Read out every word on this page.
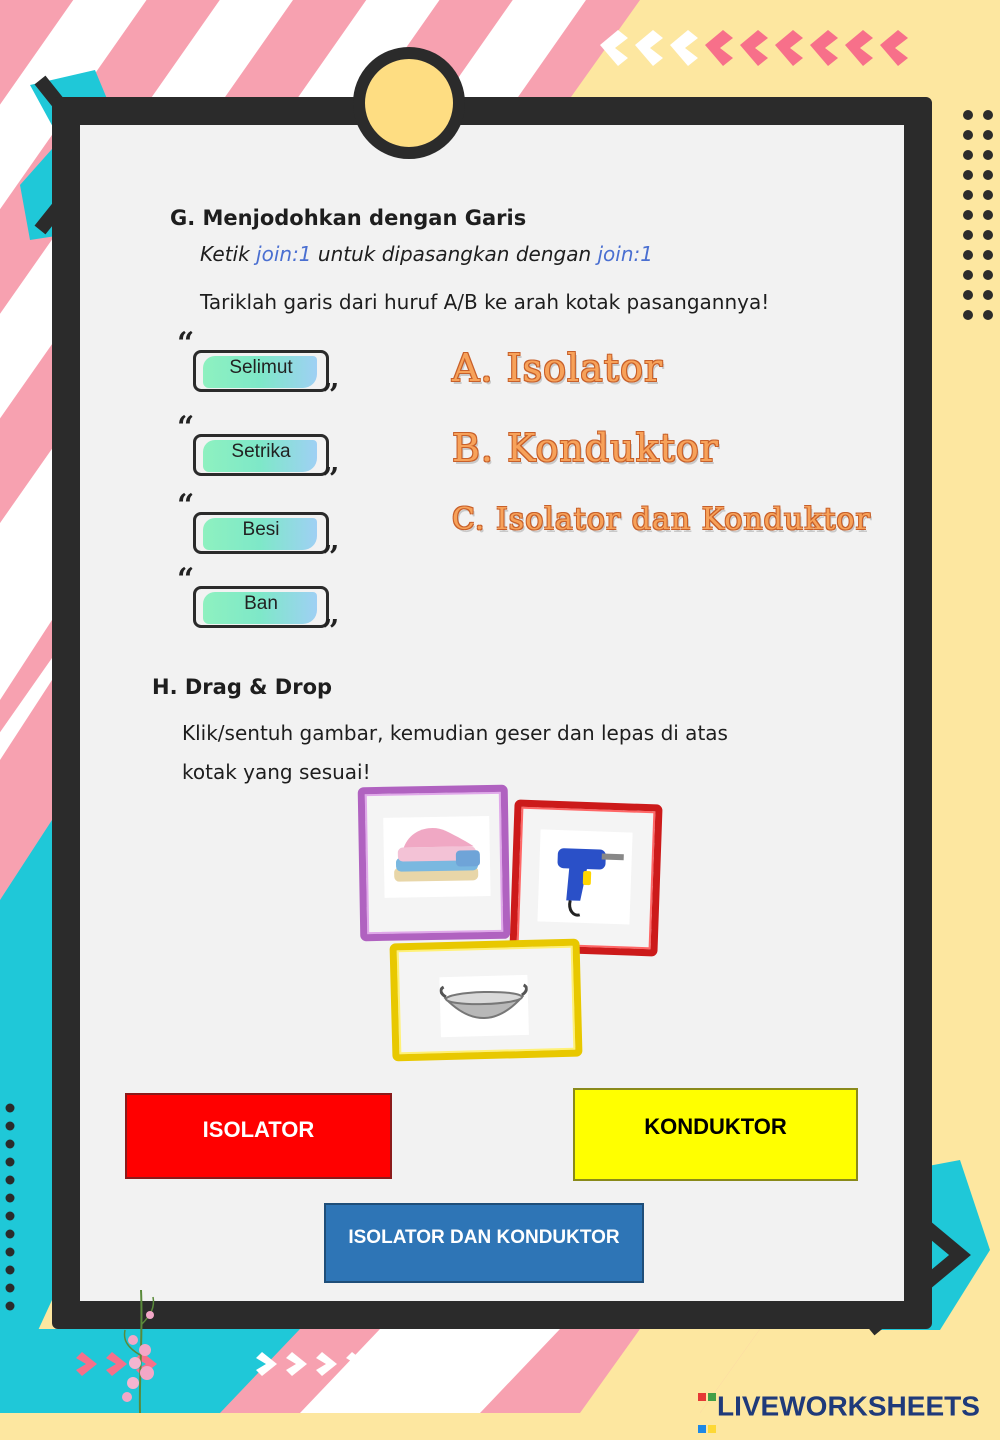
G. Menjodohkan dengan Garis
Ketik join:1 untuk dipasangkan dengan join:1
Tariklah garis dari huruf A/B ke arah kotak pasangannya!
Selimut
“
”
Setrika
“
”
Besi
“
”
Ban
“
”
A. Isolator
B. Konduktor
C. Isolator dan Konduktor
H. Drag & Drop
Klik/sentuh gambar, kemudian geser dan lepas di atas
kotak yang sesuai!
ISOLATOR	KONDUKTOR
ISOLATOR DAN KONDUKTOR

LIVEWORKSHEETS
